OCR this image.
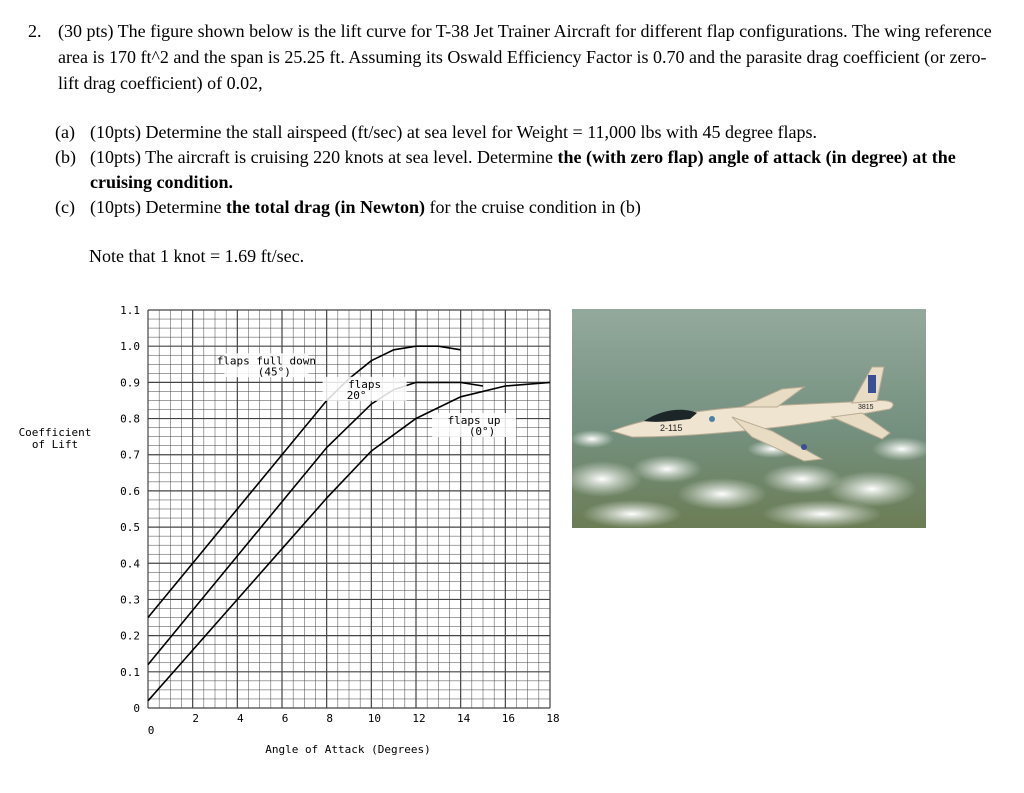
2. (30 pts) The figure shown below is the lift curve for T-38 Jet Trainer Aircraft for different flap configurations. The wing reference area is 170 ft^2 and the span is 25.25 ft. Assuming its Oswald Efficiency Factor is 0.70 and the parasite drag coefficient (or zero-lift drag coefficient) of 0.02,
(a) (10pts) Determine the stall airspeed (ft/sec) at sea level for Weight = 11,000 lbs with 45 degree flaps.
(b) (10pts) The aircraft is cruising 220 knots at sea level. Determine the (with zero flap) angle of attack (in degree) at the cruising condition.
(c) (10pts) Determine the total drag (in Newton) for the cruise condition in (b)
Note that 1 knot = 1.69 ft/sec.
0
0.1
0.2
0.3
0.4
0.5
0.6
0.7
0.8
0.9
1.0
1.1
0
2	4	6	8	10	12	14	16	18
Coefficient
of Lift
Angle of Attack (Degrees)
flaps full down
(45°)
flaps
20°
flaps up
(0°)	2-115
3815
